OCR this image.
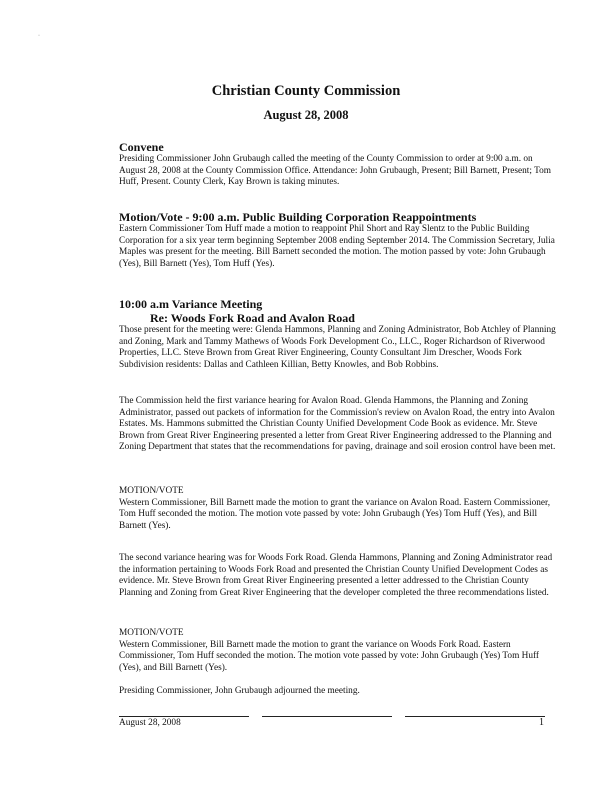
·
Christian County Commission
August 28, 2008

Convene

Presiding Commissioner John Grubaugh called the meeting of the County Commission to order at 9:00 a.m. on August 28, 2008 at the County Commission Office. Attendance: John Grubaugh, Present; Bill Barnett, Present; Tom Huff, Present. County Clerk, Kay Brown is taking minutes.

Motion/Vote - 9:00 a.m. Public Building Corporation Reappointments

Eastern Commissioner Tom Huff made a motion to reappoint Phil Short and Ray Slentz to the Public Building Corporation for a six year term beginning September 2008 ending September 2014. The Commission Secretary, Julia Maples was present for the meeting. Bill Barnett seconded the motion. The motion passed by vote: John Grubaugh (Yes), Bill Barnett (Yes), Tom Huff (Yes).

10:00 a.m Variance Meeting

Re: Woods Fork Road and Avalon Road

Those present for the meeting were: Glenda Hammons, Planning and Zoning Administrator, Bob Atchley of Planning and Zoning, Mark and Tammy Mathews of Woods Fork Development Co., LLC., Roger Richardson of Riverwood Properties, LLC. Steve Brown from Great River Engineering, County Consultant Jim Drescher, Woods Fork Subdivision residents: Dallas and Cathleen Killian, Betty Knowles, and Bob Robbins.

The Commission held the first variance hearing for Avalon Road. Glenda Hammons, the Planning and Zoning Administrator, passed out packets of information for the Commission's review on Avalon Road, the entry into Avalon Estates. Ms. Hammons submitted the Christian County Unified Development Code Book as evidence. Mr. Steve Brown from Great River Engineering presented a letter from Great River Engineering addressed to the Planning and Zoning Department that states that the recommendations for paving, drainage and soil erosion control have been met.

MOTION/VOTE

Western Commissioner, Bill Barnett made the motion to grant the variance on Avalon Road. Eastern Commissioner, Tom Huff seconded the motion. The motion vote passed by vote: John Grubaugh (Yes) Tom Huff (Yes), and Bill Barnett (Yes).

The second variance hearing was for Woods Fork Road. Glenda Hammons, Planning and Zoning Administrator read the information pertaining to Woods Fork Road and presented the Christian County Unified Development Codes as evidence. Mr. Steve Brown from Great River Engineering presented a letter addressed to the Christian County Planning and Zoning from Great River Engineering that the developer completed the three recommendations listed.

MOTION/VOTE

Western Commissioner, Bill Barnett made the motion to grant the variance on Woods Fork Road. Eastern Commissioner, Tom Huff seconded the motion. The motion vote passed by vote: John Grubaugh (Yes) Tom Huff (Yes), and Bill Barnett (Yes).

Presiding Commissioner, John Grubaugh adjourned the meeting.

August 28, 2008	1
